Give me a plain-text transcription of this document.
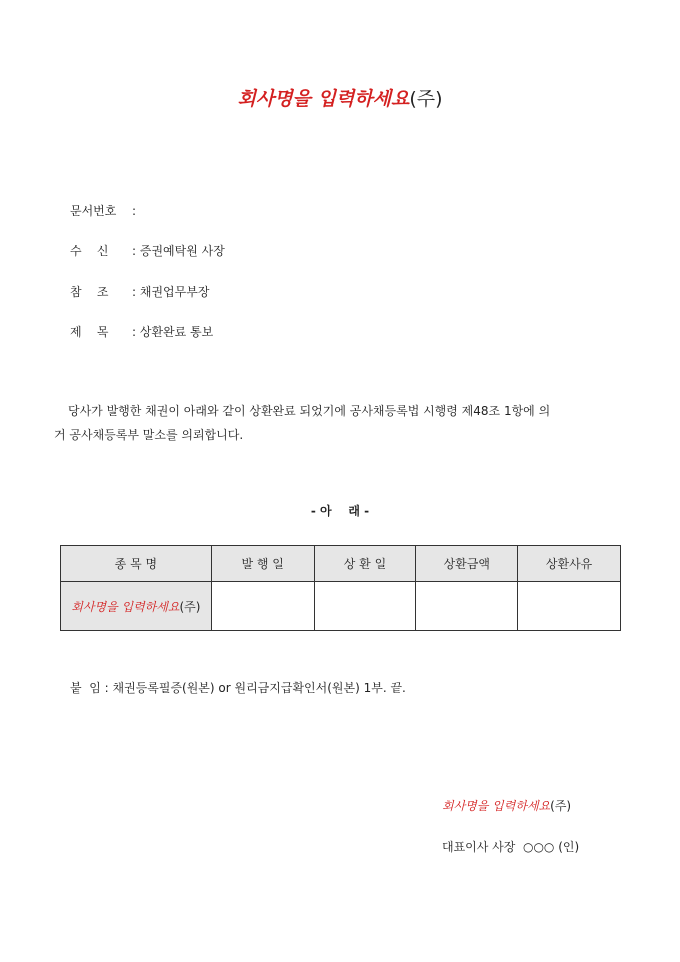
회사명을 입력하세요(주)
문서번호 :
수    신 : 증권예탁원 사장
참    조 : 채권업무부장
제    목 : 상환완료 통보
당사가 발행한 채권이 아래와 같이 상환완료 되었기에 공사채등록법 시행령 제48조 1항에 의
거 공사채등록부 말소를 의뢰합니다.
- 아    래 -
종 목 명	발 행 일	상 환 일	상환금액	상환사유
회사명을 입력하세요(주)				
붙  임 : 채권등록필증(원본) or 원리금지급확인서(원본) 1부. 끝.
회사명을 입력하세요(주)
대표이사 사장  ○○○ (인)
